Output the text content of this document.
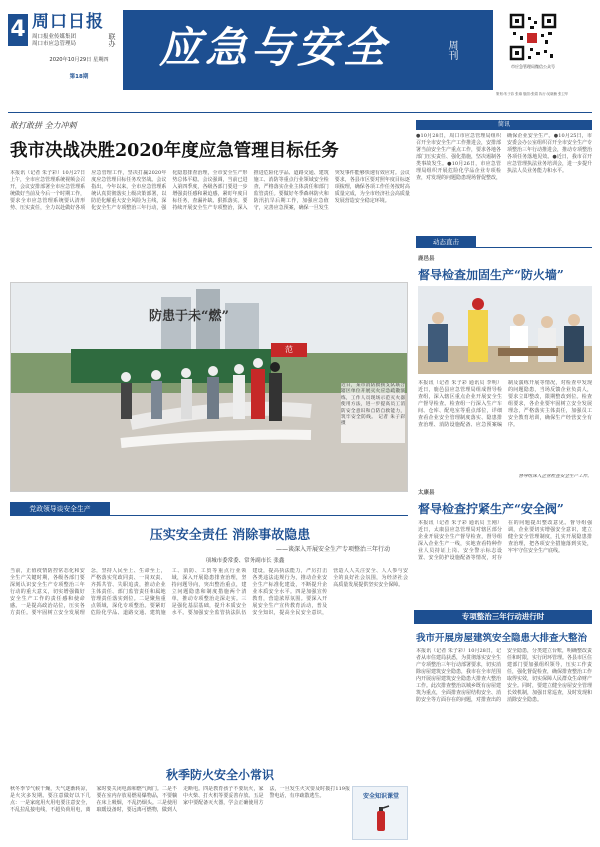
4 周口日报
周口报业传媒集团
周口市应急管理局	联办
2020年10月29日 星期四
第18期
应急与安全	周刊
策划:朱子彩 张瑜 版面:张娟 执行:吴晓楠 张卫华
市应急管理局微信公众号
敢打敢拼 全力冲刺
我市决战决胜2020年度应急管理目标任务
本报讯（记者 朱子彩）10月27日上午，全市应急管理系统视频会召开，会议安排部署全市应急管理系统做好当前及今后一个时期工作，要求全市应急管理系统要认清形势、压实责任，全力以赴做好各项应急管理工作，坚决打赢2020年度应急管理目标任务攻坚战。会议指出，今年以来，全市应急管理系统认真贯彻落实上级决策部署，以防范化解重大安全风险为主线，深化安全生产专项整治三年行动，强化隐患排查治理，全市安全生产形势总体平稳。会议强调，当前已进入第四季度，各级各部门要进一步增强责任感和紧迫感，紧盯年度目标任务，查漏补缺、狠抓落实。要持续开展安全生产专项整治，深入推进危险化学品、道路交通、建筑施工、消防等重点行业领域安全检查，严格落实企业主体责任和部门监管责任。要做好冬季森林防火和防汛抗旱后期工作，加强应急值守，完善应急预案，确保一旦发生突发事件能够快速有效应对。会议要求，各县市区要对照年度目标逐项梳理，确保各项工作任务按时高质量完成，为全市经济社会高质量发展营造安全稳定环境。
防患于未“燃”
范
近日，某市消防救援支队联合辖区单位开展灭火应急疏散演练，工作人员现场示范灭火器使用方法，进一步提高员工消防安全意识和自防自救能力，筑牢安全防线。 记者 朱子彩 摄
简讯
●10月28日，周口市应急管理局组织召开全市安全生产工作推进会，安排部署当前安全生产重点工作，要求各地各部门压实责任、强化措施，坚决遏制各类事故发生。●10月26日，市应急管理局组织开展危险化学品企业专项检查，对发现的问题隐患现场督促整改，确保企业安全生产。●10月25日，市安委会办公室组织召开全市安全生产专项整治三年行动推进会，推动专项整治各项任务落地见效。●近日，我市召开应急管理执法业务培训会，进一步提升执法人员业务能力和水平。
动态直击
鹿邑县
督导检查加固生产“防火墙”
本报讯（记者 朱子彩 通讯员 李明）近日，鹿邑县应急管理局组成督导检查组，深入辖区重点企业开展安全生产督导检查。检查组一行深入生产车间、仓库、配电室等重点部位，详细查看企业安全管理制度落实、隐患排查治理、消防设施配备、应急预案编制及演练开展等情况，对检查中发现的问题隐患，当场反馈企业负责人，要求立即整改，限期整改到位。检查组要求，各企业要牢固树立安全发展理念，严格落实主体责任，加强员工安全教育培训，确保生产经营安全有序。
督导组深入企业检查安全生产工作。
太康县
督导检查拧紧生产“安全阀”
本报讯（记者 朱子彩 通讯员 王刚）近日，太康县应急管理局对辖区部分企业开展安全生产督导检查，督导组深入企业生产一线，实地查看特种作业人员持证上岗、安全警示标志设置、安全防护设施配备等情况，对存在的问题提出整改意见。督导组强调，企业要切实增强安全意识，建立健全安全管理制度，扎实开展隐患排查治理，把各项安全措施落到实处，牢牢守住安全生产底线。
专项整治三年行动进行时
我市开展房屋建筑安全隐患大排查大整治
本报讯（记者 朱子彩）10月28日，记者从市住建局获悉，为贯彻落实安全生产专项整治三年行动部署要求，切实消除房屋建筑安全隐患，我市在全市范围内开展房屋建筑安全隐患大排查大整治工作。此次排查整治以城乡既有房屋建筑为重点，全面排查房屋结构安全、消防安全等方面存在的问题，对排查出的安全隐患，分类建立台账，明确整改责任和时限，实行闭环管理。各县市区住建部门要加强组织领导，压实工作责任，强化督促检查，确保排查整治工作取得实效，切实保障人民群众生命财产安全。同时，要建立健全房屋安全管理长效机制，加强日常巡查，及时发现和消除安全隐患。
党政领导谈安全生产
压实安全责任 消除事故隐患
——谈深入开展安全生产专项整治三年行动
项城市委常委、常务副市长 张鑫
当前，正值疫情防控常态化和安全生产关键时期，各级各部门要深刻认识安全生产专项整治三年行动的重大意义，切实增强做好安全生产工作的责任感和使命感。一是提高政治站位，压实各方责任。要牢固树立安全发展理念，坚持人民至上、生命至上，严格落实党政同责、一岗双责、齐抓共管、失职追责，推动企业主体责任、部门监管责任和属地管理责任落实到位。二是聚焦重点领域，深化专项整治。要紧盯危险化学品、道路交通、建筑施工、消防、工贸等重点行业领域，深入开展隐患排查治理，坚持问题导向，突出整治重点，建立问题隐患和制度措施两个清单，推动专项整治走深走实。三是强化基层基础，提升本质安全水平。要加强安全监管执法队伍建设，提高执法能力，严厉打击各类违法违规行为，推动企业安全生产标准化建设，不断提升企业本质安全水平。四是加强宣传教育，营造浓厚氛围。要深入开展安全生产宣传教育活动，普及安全知识，提高全民安全意识，营造人人关注安全、人人参与安全的良好社会氛围，为经济社会高质量发展提供坚实安全保障。
秋季防火安全小常识
秋冬季节气候干燥，天气逐渐转凉，是火灾多发期。要注意做好以下几点：一是家庭用火用电要注意安全，不乱拉乱接电线，不超负荷用电，离家时要关闭电源和燃气阀门。二是不要在室内存放易燃易爆物品，不要躺在床上吸烟，不乱扔烟头。三是使用取暖设备时，要远离可燃物，做到人走断电。四是教育孩子不要玩火，家中火柴、打火机等要妥善存放。五是家中要配备灭火器，学会正确使用方法，一旦发生火灾要及时拨打119报警电话，有序疏散逃生。	安全知识课堂
